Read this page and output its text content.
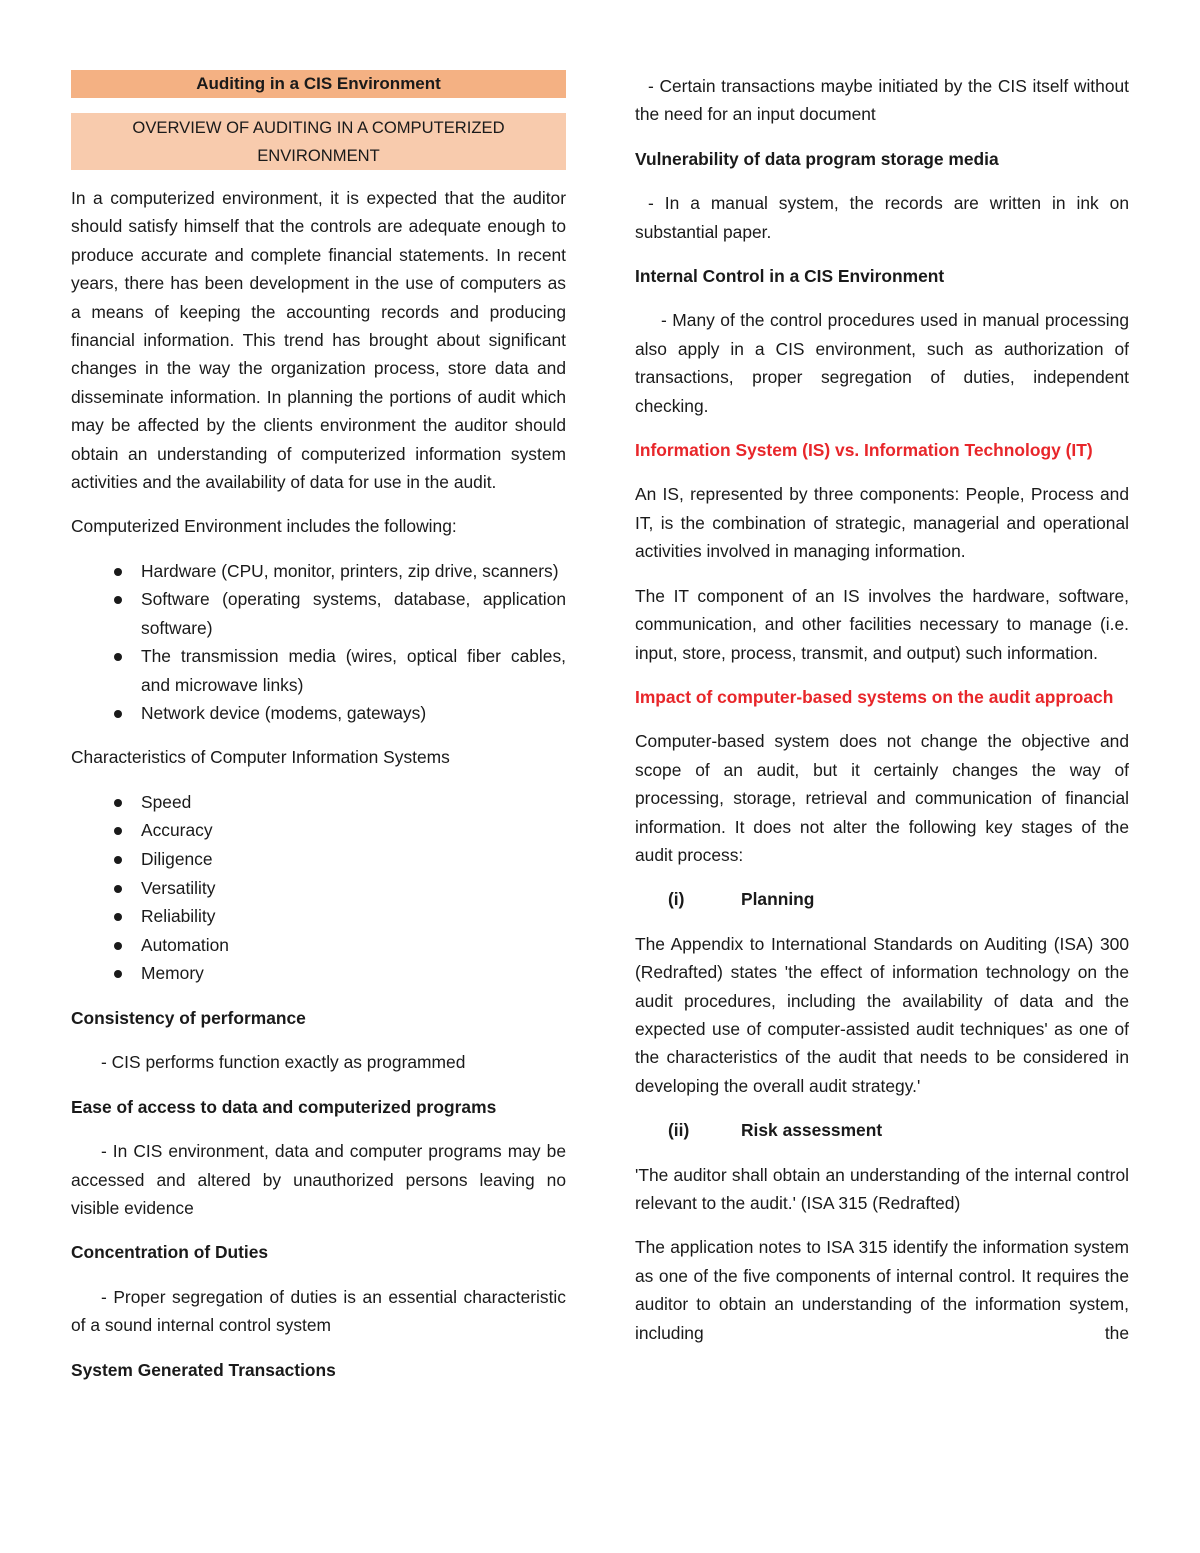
Auditing in a CIS Environment
OVERVIEW OF AUDITING IN A COMPUTERIZED ENVIRONMENT

In a computerized environment, it is expected that the auditor should satisfy himself that the controls are adequate enough to produce accurate and complete financial statements. In recent years, there has been development in the use of computers as a means of keeping the accounting records and producing financial information. This trend has brought about significant changes in the way the organization process, store data and disseminate information. In planning the portions of audit which may be affected by the clients environment the auditor should obtain an understanding of computerized information system activities and the availability of data for use in the audit.

Computerized Environment includes the following:

Hardware (CPU, monitor, printers, zip drive, scanners)
Software (operating systems, database, application software)
The transmission media (wires, optical fiber cables, and microwave links)
Network device (modems, gateways)

Characteristics of Computer Information Systems

Speed
Accuracy
Diligence
Versatility
Reliability
Automation
Memory
Consistency of performance

- CIS performs function exactly as programmed

Ease of access to data and computerized programs

- In CIS environment, data and computer programs may be accessed and altered by unauthorized persons leaving no visible evidence

Concentration of Duties

- Proper segregation of duties is an essential characteristic of a sound internal control system

System Generated Transactions

- Certain transactions maybe initiated by the CIS itself without the need for an input document

Vulnerability of data program storage media

- In a manual system, the records are written in ink on substantial paper.

Internal Control in a CIS Environment

- Many of the control procedures used in manual processing also apply in a CIS environment, such as authorization of transactions, proper segregation of duties, independent checking.

Information System (IS) vs. Information Technology (IT)

An IS, represented by three components: People, Process and IT, is the combination of strategic, managerial and operational activities involved in managing information.

The IT component of an IS involves the hardware, software, communication, and other facilities necessary to manage (i.e. input, store, process, transmit, and output) such information.

Impact of computer-based systems on the audit approach

Computer-based system does not change the objective and scope of an audit, but it certainly changes the way of processing, storage, retrieval and communication of financial information. It does not alter the following key stages of the audit process:

(i)	Planning

The Appendix to International Standards on Auditing (ISA) 300 (Redrafted) states 'the effect of information technology on the audit procedures, including the availability of data and the expected use of computer-assisted audit techniques' as one of the characteristics of the audit that needs to be considered in developing the overall audit strategy.'

(ii)	Risk assessment

'The auditor shall obtain an understanding of the internal control relevant to the audit.' (ISA 315 (Redrafted)

The application notes to ISA 315 identify the information system as one of the five components of internal control. It requires the auditor to obtain an understanding of the information system, including the
